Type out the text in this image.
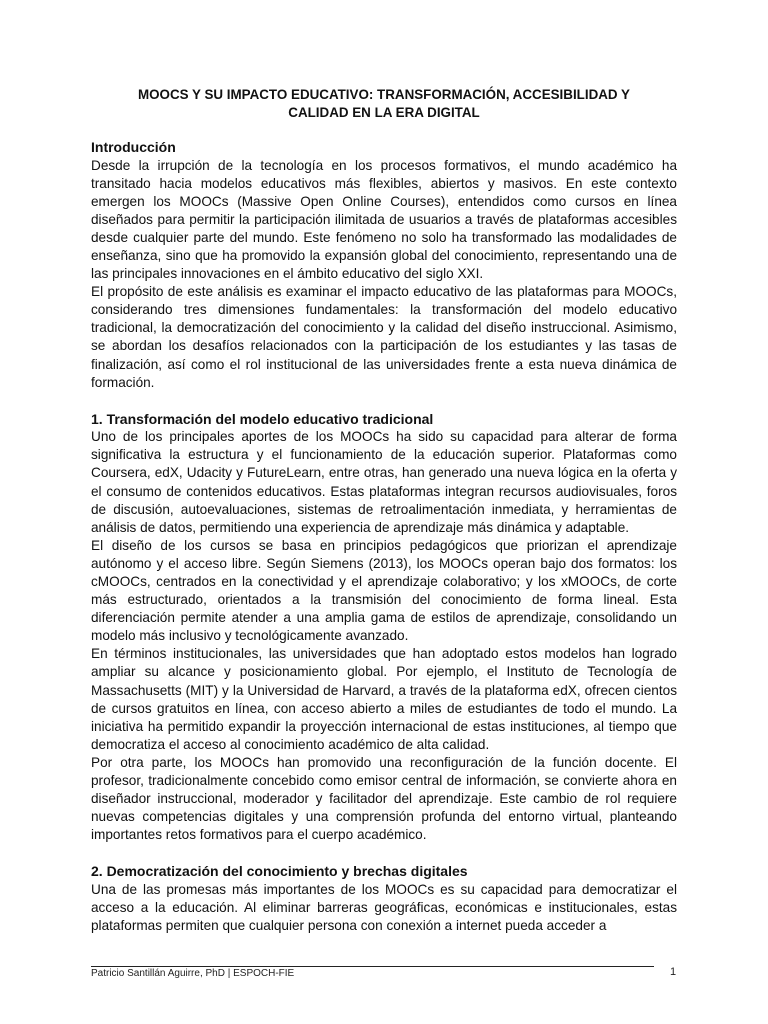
MOOCS Y SU IMPACTO EDUCATIVO: TRANSFORMACIÓN, ACCESIBILIDAD Y
CALIDAD EN LA ERA DIGITAL
Introducción

Desde la irrupción de la tecnología en los procesos formativos, el mundo académico ha transitado hacia modelos educativos más flexibles, abiertos y masivos. En este contexto emergen los MOOCs (Massive Open Online Courses), entendidos como cursos en línea diseñados para permitir la participación ilimitada de usuarios a través de plataformas accesibles desde cualquier parte del mundo. Este fenómeno no solo ha transformado las modalidades de enseñanza, sino que ha promovido la expansión global del conocimiento, representando una de las principales innovaciones en el ámbito educativo del siglo XXI.

El propósito de este análisis es examinar el impacto educativo de las plataformas para MOOCs, considerando tres dimensiones fundamentales: la transformación del modelo educativo tradicional, la democratización del conocimiento y la calidad del diseño instruccional. Asimismo, se abordan los desafíos relacionados con la participación de los estudiantes y las tasas de finalización, así como el rol institucional de las universidades frente a esta nueva dinámica de formación.

1. Transformación del modelo educativo tradicional

Uno de los principales aportes de los MOOCs ha sido su capacidad para alterar de forma significativa la estructura y el funcionamiento de la educación superior. Plataformas como Coursera, edX, Udacity y FutureLearn, entre otras, han generado una nueva lógica en la oferta y el consumo de contenidos educativos. Estas plataformas integran recursos audiovisuales, foros de discusión, autoevaluaciones, sistemas de retroalimentación inmediata, y herramientas de análisis de datos, permitiendo una experiencia de aprendizaje más dinámica y adaptable.

El diseño de los cursos se basa en principios pedagógicos que priorizan el aprendizaje autónomo y el acceso libre. Según Siemens (2013), los MOOCs operan bajo dos formatos: los cMOOCs, centrados en la conectividad y el aprendizaje colaborativo; y los xMOOCs, de corte más estructurado, orientados a la transmisión del conocimiento de forma lineal. Esta diferenciación permite atender a una amplia gama de estilos de aprendizaje, consolidando un modelo más inclusivo y tecnológicamente avanzado.

En términos institucionales, las universidades que han adoptado estos modelos han logrado ampliar su alcance y posicionamiento global. Por ejemplo, el Instituto de Tecnología de Massachusetts (MIT) y la Universidad de Harvard, a través de la plataforma edX, ofrecen cientos de cursos gratuitos en línea, con acceso abierto a miles de estudiantes de todo el mundo. La iniciativa ha permitido expandir la proyección internacional de estas instituciones, al tiempo que democratiza el acceso al conocimiento académico de alta calidad.

Por otra parte, los MOOCs han promovido una reconfiguración de la función docente. El profesor, tradicionalmente concebido como emisor central de información, se convierte ahora en diseñador instruccional, moderador y facilitador del aprendizaje. Este cambio de rol requiere nuevas competencias digitales y una comprensión profunda del entorno virtual, planteando importantes retos formativos para el cuerpo académico.

2. Democratización del conocimiento y brechas digitales

Una de las promesas más importantes de los MOOCs es su capacidad para democratizar el acceso a la educación. Al eliminar barreras geográficas, económicas e institucionales, estas plataformas permiten que cualquier persona con conexión a internet pueda acceder a

Patricio Santillán Aguirre, PhD | ESPOCH-FIE	1
